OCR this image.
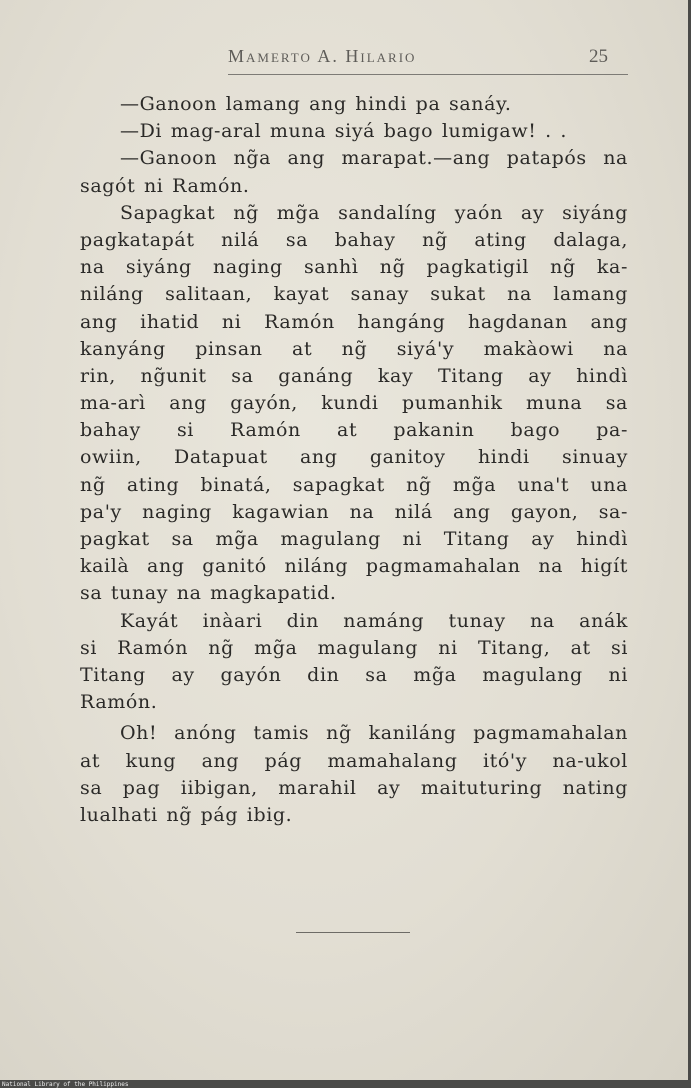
Mamerto A. Hilario	25
—Ganoon lamang ang hindi pa sanáy.
—Di mag-aral muna siyá bago lumigaw! . .
—Ganoon ng̃a ang marapat.—ang patapós na
sagót ni Ramón.
Sapagkat ng̃ mg̃a sandalíng yaón ay siyáng
pagkatapát nilá sa bahay ng̃ ating dalaga,
na siyáng naging sanhì ng̃ pagkatigil ng̃ ka-
niláng salitaan, kayat sanay sukat na lamang
ang ihatid ni Ramón hangáng hagdanan ang
kanyáng pinsan at ng̃ siyá'y makàowi na
rin, ng̃unit sa ganáng kay Titang ay hindì
ma-arì ang gayón, kundi pumanhik muna sa
bahay si Ramón at pakanin bago pa-
owiin, Datapuat ang ganitoy hindi sinuay
ng̃ ating binatá, sapagkat ng̃ mg̃a una't una
pa'y naging kagawian na nilá ang gayon, sa-
pagkat sa mg̃a magulang ni Titang ay hindì
kailà ang ganitó niláng pagmamahalan na higít
sa tunay na magkapatid.
Kayát inàari din namáng tunay na anák
si Ramón ng̃ mg̃a magulang ni Titang, at si
Titang ay gayón din sa mg̃a magulang ni
Ramón.
Oh! anóng tamis ng̃ kaniláng pagmamahalan
at kung ang pág mamahalang itó'y na-ukol
sa pag iibigan, marahil ay maituturing nating
lualhati ng̃ pág ibig.
National Library of the Philippines
